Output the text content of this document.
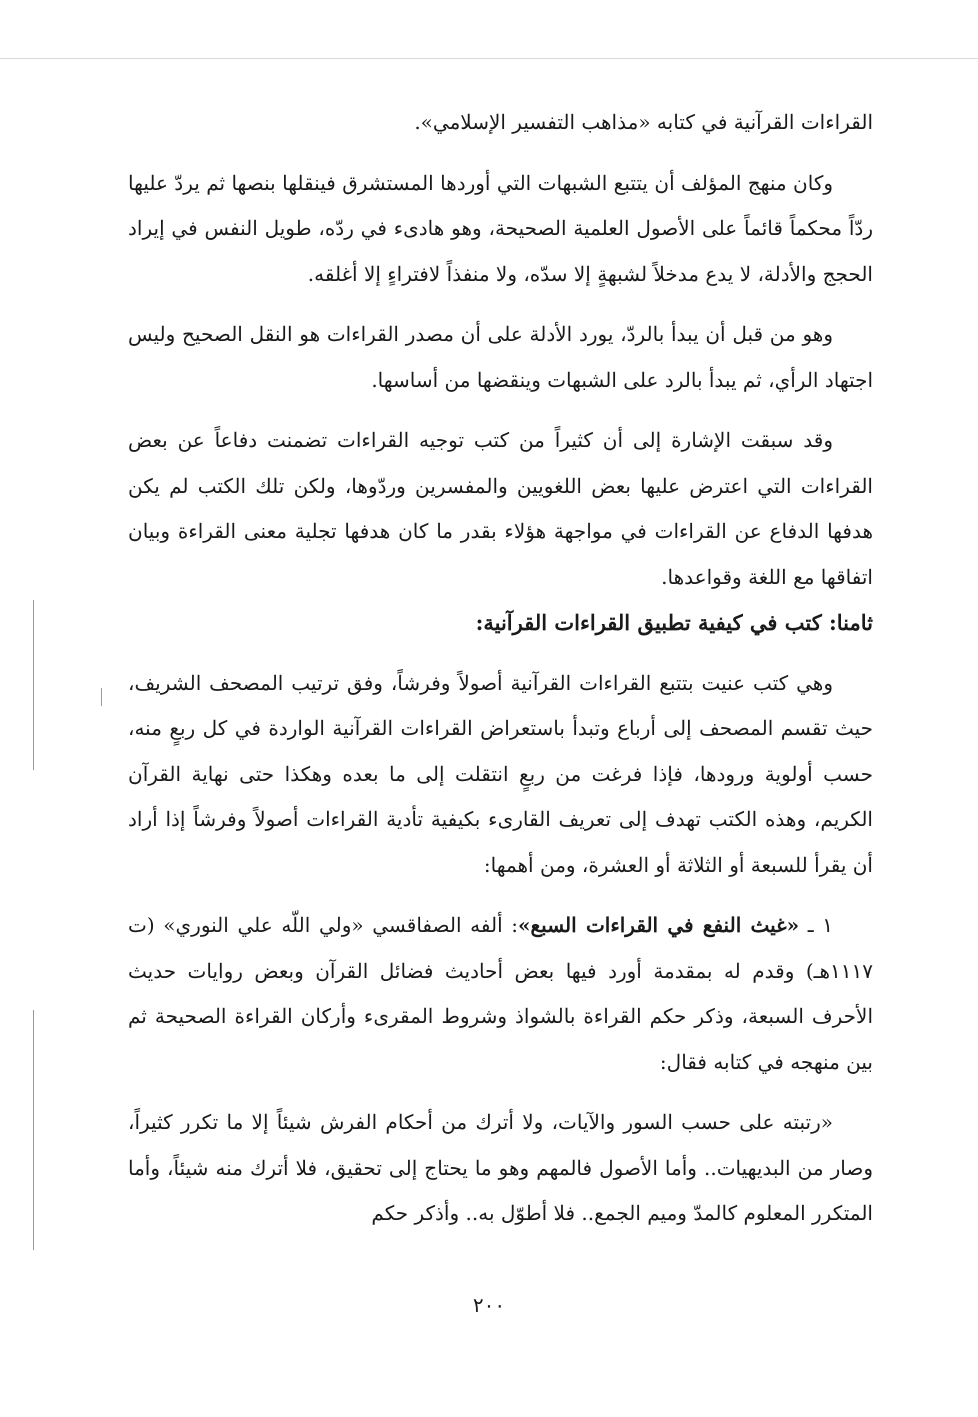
القراءات القرآنية في كتابه «مذاهب التفسير الإسلامي».

وكان منهج المؤلف أن يتتبع الشبهات التي أوردها المستشرق فينقلها بنصها ثم يردّ عليها ردّاً محكماً قائماً على الأصول العلمية الصحيحة، وهو هادىء في ردّه، طويل النفس في إيراد الحجج والأدلة، لا يدع مدخلاً لشبهةٍ إلا سدّه، ولا منفذاً لافتراءٍ إلا أغلقه.

وهو من قبل أن يبدأ بالردّ، يورد الأدلة على أن مصدر القراءات هو النقل الصحيح وليس اجتهاد الرأي، ثم يبدأ بالرد على الشبهات وينقضها من أساسها.

وقد سبقت الإشارة إلى أن كثيراً من كتب توجيه القراءات تضمنت دفاعاً عن بعض القراءات التي اعترض عليها بعض اللغويين والمفسرين وردّوها، ولكن تلك الكتب لم يكن هدفها الدفاع عن القراءات في مواجهة هؤلاء بقدر ما كان هدفها تجلية معنى القراءة وبيان اتفاقها مع اللغة وقواعدها.

ثامنا: كتب في كيفية تطبيق القراءات القرآنية:

وهي كتب عنيت بتتبع القراءات القرآنية أصولاً وفرشاً، وفق ترتيب المصحف الشريف، حيث تقسم المصحف إلى أرباع وتبدأ باستعراض القراءات القرآنية الواردة في كل ربعٍ منه، حسب أولوية ورودها، فإذا فرغت من ربعٍ انتقلت إلى ما بعده وهكذا حتى نهاية القرآن الكريم، وهذه الكتب تهدف إلى تعريف القارىء بكيفية تأدية القراءات أصولاً وفرشاً إذا أراد أن يقرأ للسبعة أو الثلاثة أو العشرة، ومن أهمها:

١ ـ «غيث النفع في القراءات السبع»: ألفه الصفاقسي «ولي اللّه علي النوري» (ت ١١١٧هـ) وقدم له بمقدمة أورد فيها بعض أحاديث فضائل القرآن وبعض روايات حديث الأحرف السبعة، وذكر حكم القراءة بالشواذ وشروط المقرىء وأركان القراءة الصحيحة ثم بين منهجه في كتابه فقال:

«رتبته على حسب السور والآيات، ولا أترك من أحكام الفرش شيئاً إلا ما تكرر كثيراً، وصار من البديهيات.. وأما الأصول فالمهم وهو ما يحتاج إلى تحقيق، فلا أترك منه شيئاً، وأما المتكرر المعلوم كالمدّ وميم الجمع.. فلا أطوّل به.. وأذكر حكم

٢٠٠
